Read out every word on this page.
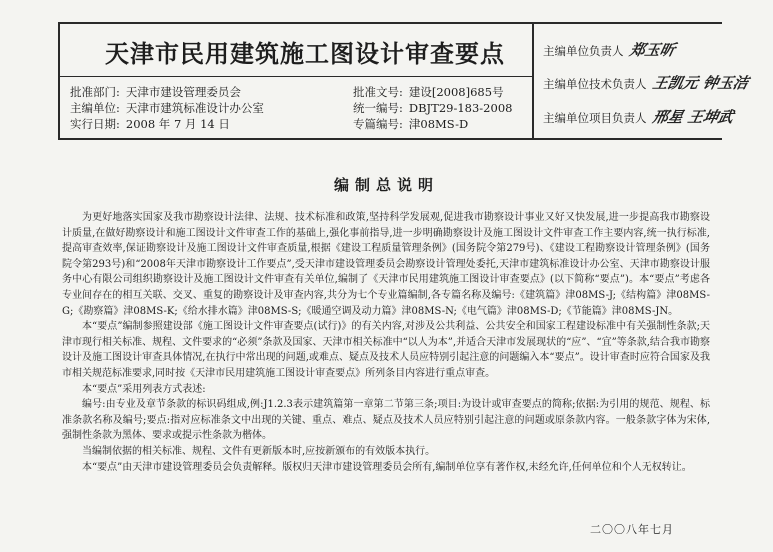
天津市民用建筑施工图设计审查要点
批准部门: 天津市建设管理委员会
主编单位: 天津市建筑标准设计办公室
实行日期: 2008 年 7 月 14 日
批准文号: 建设[2008]685号
统一编号: DBJT29-183-2008
专篇编号: 津08MS-D
主编单位负责人 郑玉昕
主编单位技术负责人 王凯元 钟玉洁
主编单位项目负责人 邢星 王坤武
编制总说明

为更好地落实国家及我市勘察设计法律、法规、技术标准和政策,坚持科学发展观,促进我市勘察设计事业又好又快发展,进一步提高我市勘察设计质量,在做好勘察设计和施工图设计文件审查工作的基础上,强化事前指导,进一步明确勘察设计及施工图设计文件审查工作主要内容,统一执行标准,提高审查效率,保证勘察设计及施工图设计文件审查质量,根据《建设工程质量管理条例》(国务院令第279号)、《建设工程勘察设计管理条例》(国务院令第293号)和“2008年天津市勘察设计工作要点”,受天津市建设管理委员会勘察设计管理处委托,天津市建筑标准设计办公室、天津市勘察设计服务中心有限公司组织勘察设计及施工图设计文件审查有关单位,编制了《天津市民用建筑施工图设计审查要点》(以下简称“要点”)。本“要点”考虑各专业间存在的相互关联、交叉、重复的勘察设计及审查内容,共分为七个专业篇编制,各专篇名称及编号:《建筑篇》津08MS-J;《结构篇》津08MS-G;《勘察篇》津08MS-K;《给水排水篇》津08MS-S;《暖通空调及动力篇》津08MS-N;《电气篇》津08MS-D;《节能篇》津08MS-JN。

本“要点”编制参照建设部《施工图设计文件审查要点(试行)》的有关内容,对涉及公共利益、公共安全和国家工程建设标准中有关强制性条款;天津市现行相关标准、规程、文件要求的“必须”条款及国家、天津市相关标准中“以人为本”,并适合天津市发展现状的“应”、“宜”等条款,结合我市勘察设计及施工图设计审查具体情况,在执行中常出现的问题,或难点、疑点及技术人员应特别引起注意的问题编入本“要点”。设计审查时应符合国家及我市相关规范标准要求,同时按《天津市民用建筑施工图设计审查要点》所列条目内容进行重点审查。

本“要点”采用列表方式表述:

编号:由专业及章节条款的标识码组成,例:J1.2.3表示建筑篇第一章第二节第三条;项目:为设计或审查要点的简称;依据:为引用的规范、规程、标准条款名称及编号;要点:指对应标准条文中出现的关键、重点、难点、疑点及技术人员应特别引起注意的问题或原条款内容。一般条款字体为宋体,强制性条款为黑体、要求或提示性条款为楷体。

当编制依据的相关标准、规程、文件有更新版本时,应按新颁布的有效版本执行。

本“要点”由天津市建设管理委员会负责解释。版权归天津市建设管理委员会所有,编制单位享有著作权,未经允许,任何单位和个人无权转让。

二〇〇八年七月
